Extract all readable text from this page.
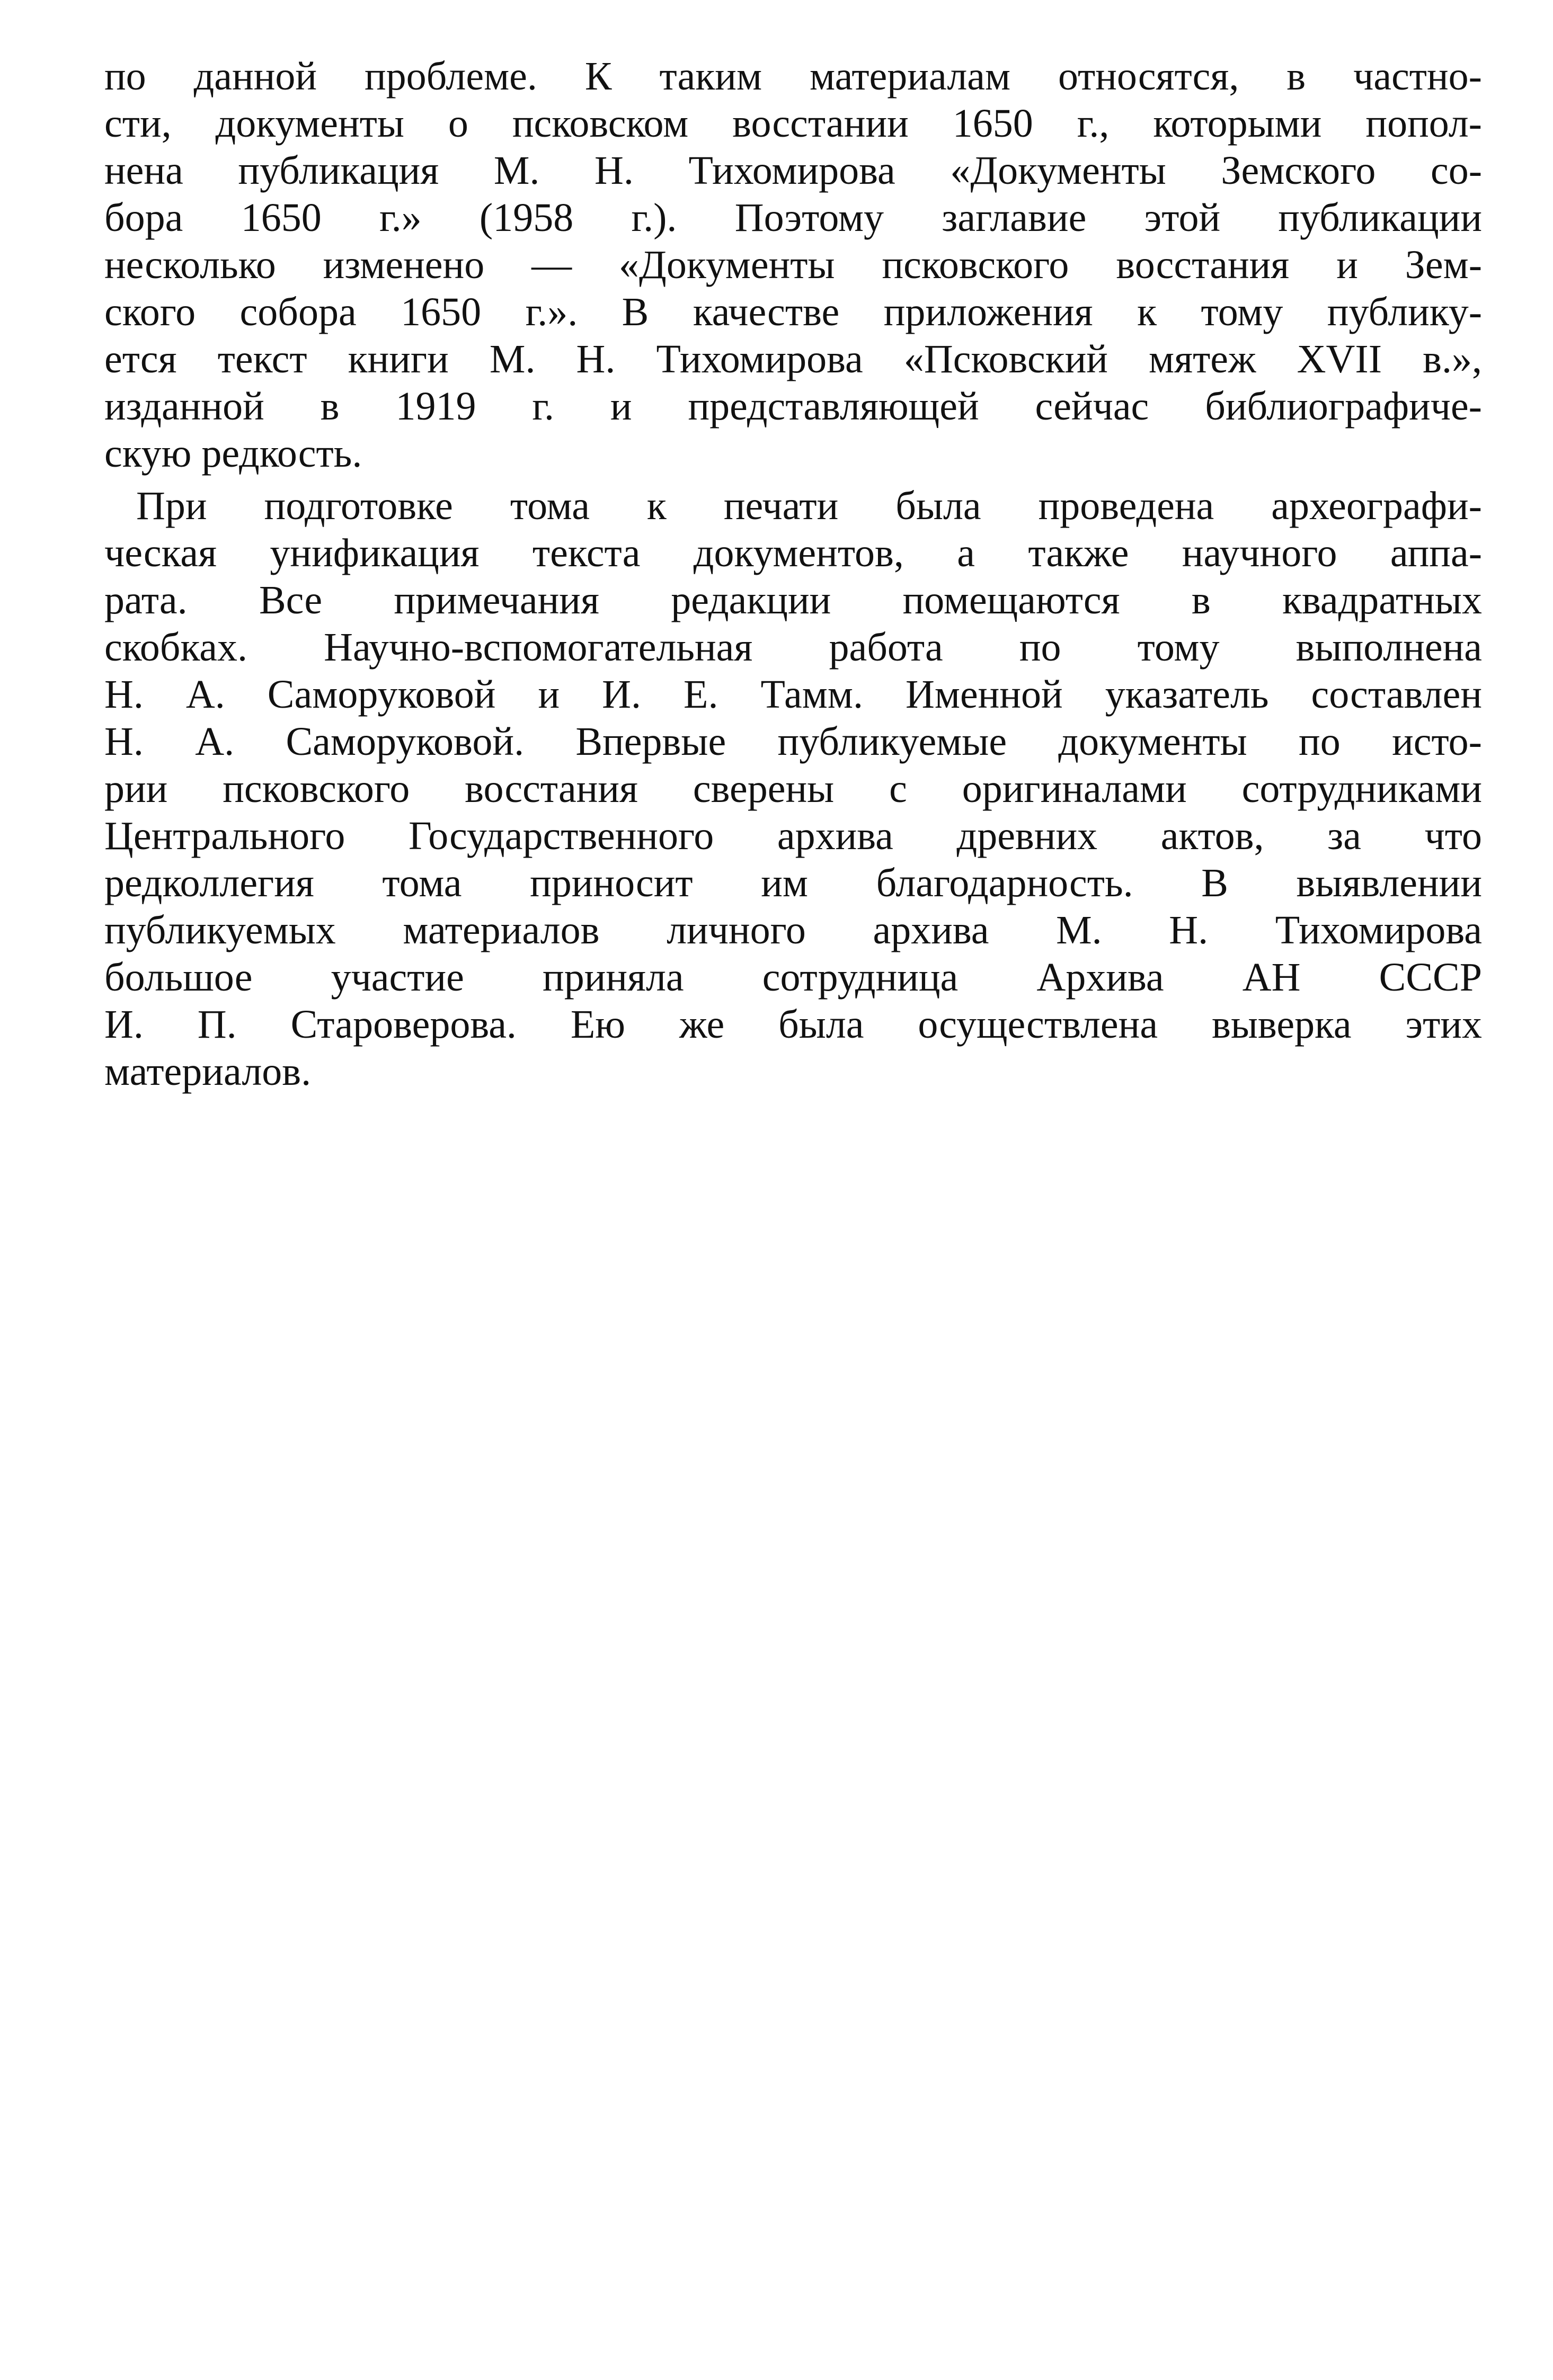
по данной проблеме. К таким материалам относятся, в частно-
сти, документы о псковском восстании 1650 г., которыми попол-
нена публикация М. Н. Тихомирова «Документы Земского со-
бора 1650 г.» (1958 г.). Поэтому заглавие этой публикации
несколько изменено — «Документы псковского восстания и Зем-
ского собора 1650 г.». В качестве приложения к тому публику-
ется текст книги М. Н. Тихомирова «Псковский мятеж XVII в.»,
изданной в 1919 г. и представляющей сейчас библиографиче-
скую редкость.
При подготовке тома к печати была проведена археографи-
ческая унификация текста документов, а также научного аппа-
рата. Все примечания редакции помещаются в квадратных
скобках. Научно-вспомогательная работа по тому выполнена
Н. А. Саморуковой и И. Е. Тамм. Именной указатель составлен
Н. А. Саморуковой. Впервые публикуемые документы по исто-
рии псковского восстания сверены с оригиналами сотрудниками
Центрального Государственного архива древних актов, за что
редколлегия тома приносит им благодарность. В выявлении
публикуемых материалов личного архива М. Н. Тихомирова
большое участие приняла сотрудница Архива АН СССР
И. П. Староверова. Ею же была осуществлена выверка этих
материалов.
